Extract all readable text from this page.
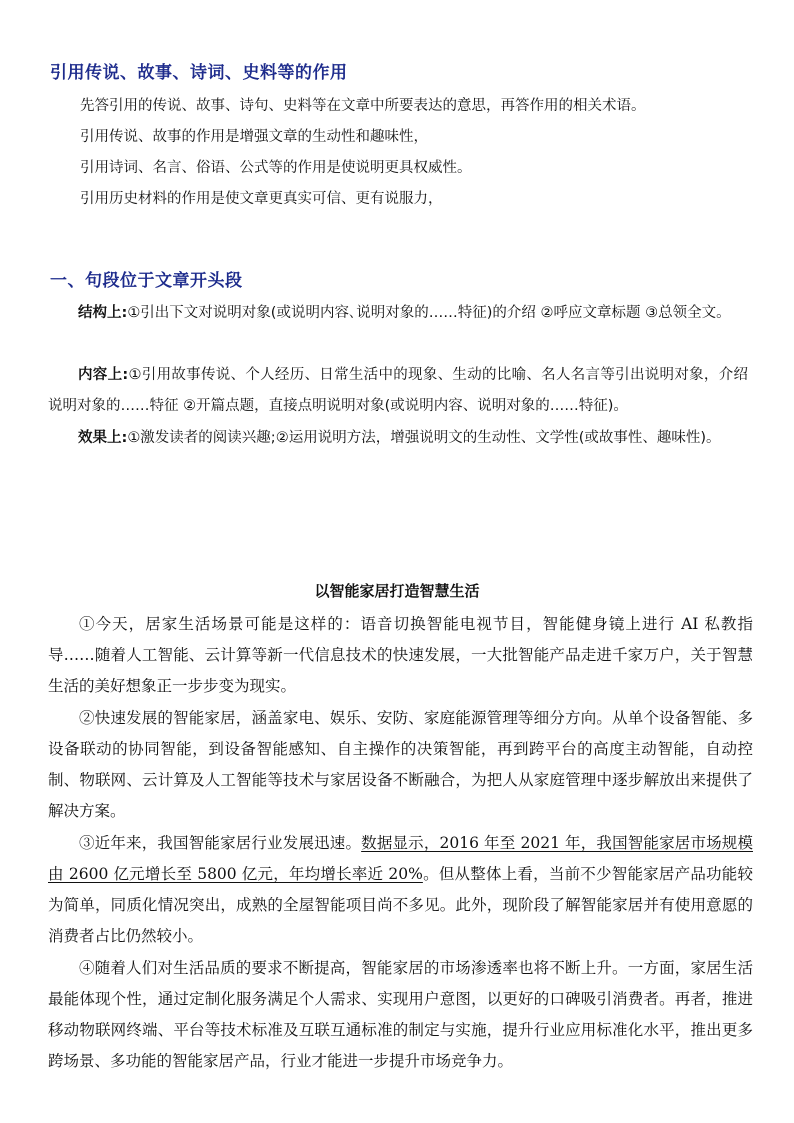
引用传说、故事、诗词、史料等的作用
先答引用的传说、故事、诗句、史料等在文章中所要表达的意思，再答作用的相关术语。
引用传说、故事的作用是增强文章的生动性和趣味性，
引用诗词、名言、俗语、公式等的作用是使说明更具权威性。
引用历史材料的作用是使文章更真实可信、更有说服力，
一、句段位于文章开头段
结构上:①引出下文对说明对象(或说明内容､说明对象的……特征)的介绍 ②呼应文章标题 ③总领全文。
内容上:①引用故事传说、个人经历、日常生活中的现象、生动的比喻、名人名言等引出说明对象，介绍说明对象的……特征 ②开篇点题，直接点明说明对象(或说明内容、说明对象的……特征)。
效果上:①激发读者的阅读兴趣;②运用说明方法，增强说明文的生动性、文学性(或故事性、趣味性)。
以智能家居打造智慧生活
①今天，居家生活场景可能是这样的：语音切换智能电视节目，智能健身镜上进行 AI 私教指导……随着人工智能、云计算等新一代信息技术的快速发展，一大批智能产品走进千家万户，关于智慧生活的美好想象正一步步变为现实。
②快速发展的智能家居，涵盖家电、娱乐、安防、家庭能源管理等细分方向。从单个设备智能、多设备联动的协同智能，到设备智能感知、自主操作的决策智能，再到跨平台的高度主动智能，自动控制、物联网、云计算及人工智能等技术与家居设备不断融合，为把人从家庭管理中逐步解放出来提供了解决方案。
③近年来，我国智能家居行业发展迅速。数据显示，2016 年至 2021 年，我国智能家居市场规模由 2600 亿元增长至 5800 亿元，年均增长率近 20%。但从整体上看，当前不少智能家居产品功能较为简单，同质化情况突出，成熟的全屋智能项目尚不多见。此外，现阶段了解智能家居并有使用意愿的消费者占比仍然较小。
④随着人们对生活品质的要求不断提高，智能家居的市场渗透率也将不断上升。一方面，家居生活最能体现个性，通过定制化服务满足个人需求、实现用户意图，以更好的口碑吸引消费者。再者，推进移动物联网终端、平台等技术标准及互联互通标准的制定与实施，提升行业应用标准化水平，推出更多跨场景、多功能的智能家居产品，行业才能进一步提升市场竞争力。
